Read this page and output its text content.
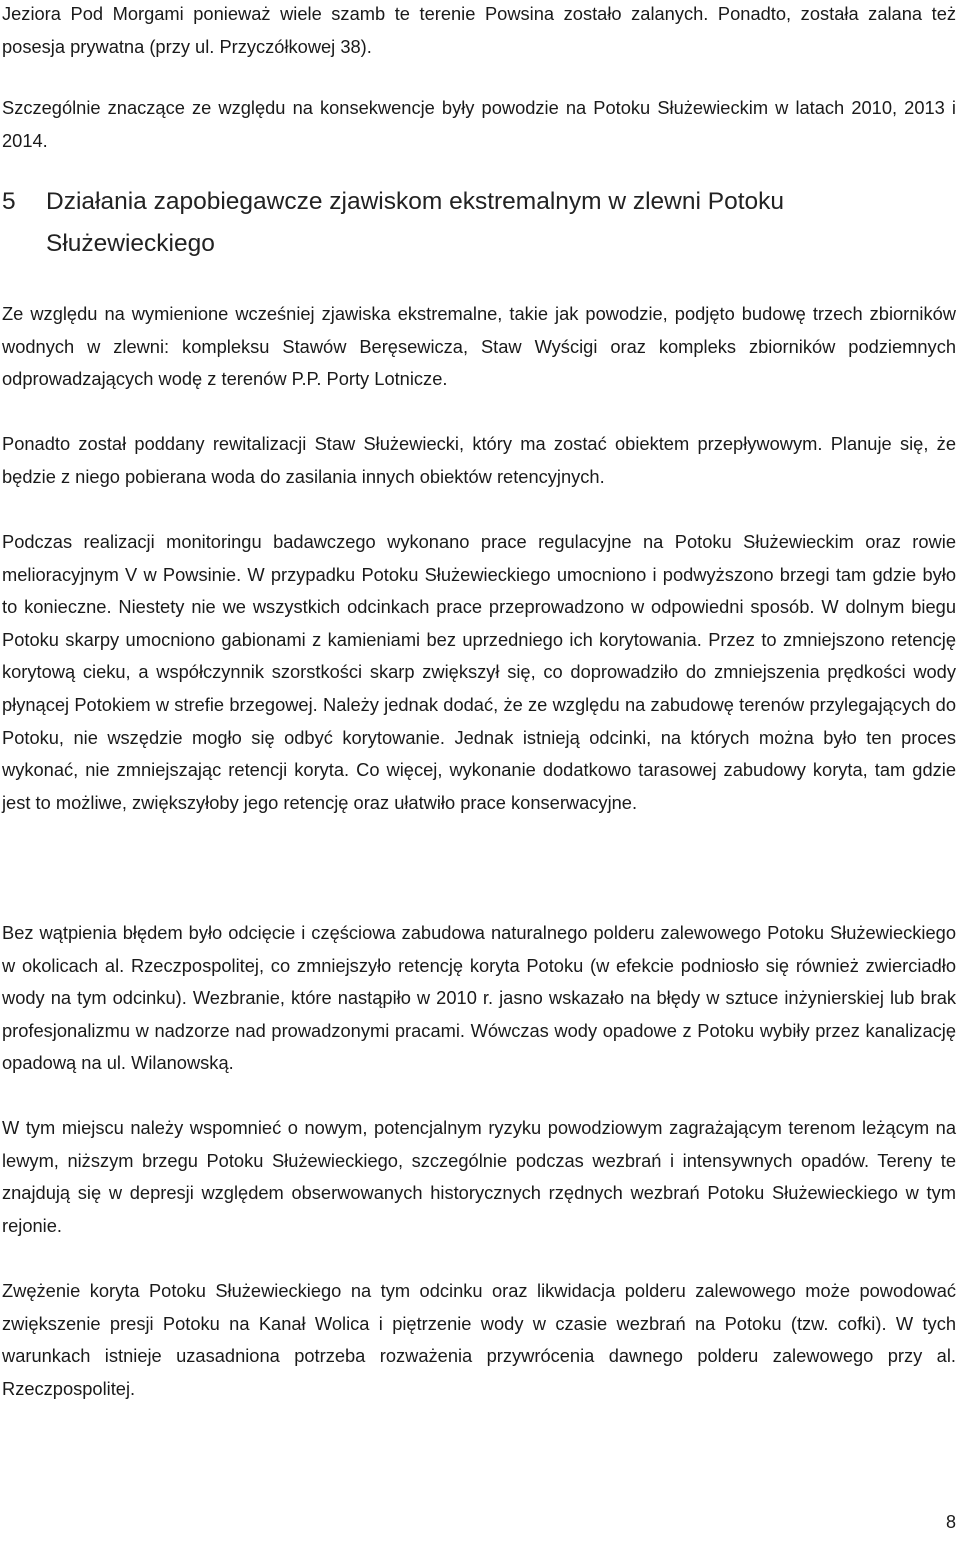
Jeziora Pod Morgami ponieważ wiele szamb te terenie Powsina zostało zalanych. Ponadto, została zalana też posesja prywatna (przy ul. Przyczółkowej 38).

Szczególnie znaczące ze względu na konsekwencje były powodzie na Potoku Służewieckim w latach 2010, 2013 i 2014.

5	Działania zapobiegawcze zjawiskom ekstremalnym w zlewni Potoku Służewieckiego

Ze względu na wymienione wcześniej zjawiska ekstremalne, takie jak powodzie, podjęto budowę trzech zbiorników wodnych w zlewni: kompleksu Stawów Beręsewicza, Staw Wyścigi oraz kompleks zbiorników podziemnych odprowadzających wodę z terenów P.P. Porty Lotnicze.

Ponadto został poddany rewitalizacji Staw Służewiecki, który ma zostać obiektem przepływowym. Planuje się, że będzie z niego pobierana woda do zasilania innych obiektów retencyjnych.

Podczas realizacji monitoringu badawczego wykonano prace regulacyjne na Potoku Służewieckim oraz rowie melioracyjnym V w Powsinie. W przypadku Potoku Służewieckiego umocniono i podwyższono brzegi tam gdzie było to konieczne. Niestety nie we wszystkich odcinkach prace przeprowadzono w odpowiedni sposób. W dolnym biegu Potoku skarpy umocniono gabionami z kamieniami bez uprzedniego ich korytowania. Przez to zmniejszono retencję korytową cieku, a współczynnik szorstkości skarp zwiększył się, co doprowadziło do zmniejszenia prędkości wody płynącej Potokiem w strefie brzegowej. Należy jednak dodać, że ze względu na zabudowę terenów przylegających do Potoku, nie wszędzie mogło się odbyć korytowanie. Jednak istnieją odcinki, na których można było ten proces wykonać, nie zmniejszając retencji koryta. Co więcej, wykonanie dodatkowo tarasowej zabudowy koryta, tam gdzie jest to możliwe, zwiększyłoby jego retencję oraz ułatwiło prace konserwacyjne.

Bez wątpienia błędem było odcięcie i częściowa zabudowa naturalnego polderu zalewowego Potoku Służewieckiego w okolicach al. Rzeczpospolitej, co zmniejszyło retencję koryta Potoku (w efekcie podniosło się również zwierciadło wody na tym odcinku). Wezbranie, które nastąpiło w 2010 r. jasno wskazało na błędy w sztuce inżynierskiej lub brak profesjonalizmu w nadzorze nad prowadzonymi pracami. Wówczas wody opadowe z Potoku wybiły przez kanalizację opadową na ul. Wilanowską.

W tym miejscu należy wspomnieć o nowym, potencjalnym ryzyku powodziowym zagrażającym terenom leżącym na lewym, niższym brzegu Potoku Służewieckiego, szczególnie podczas wezbrań i intensywnych opadów. Tereny te znajdują się w depresji względem obserwowanych historycznych rzędnych wezbrań Potoku Służewieckiego w tym rejonie.

Zwężenie koryta Potoku Służewieckiego na tym odcinku oraz likwidacja polderu zalewowego może powodować zwiększenie presji Potoku na Kanał Wolica i piętrzenie wody w czasie wezbrań na Potoku (tzw. cofki). W tych warunkach istnieje uzasadniona potrzeba rozważenia przywrócenia dawnego polderu zalewowego przy al. Rzeczpospolitej.

8
